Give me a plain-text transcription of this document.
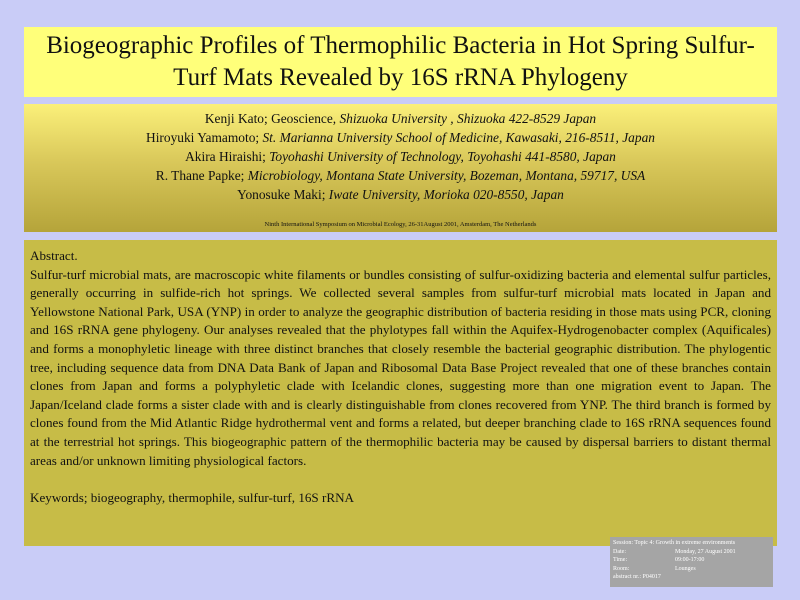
Biogeographic Profiles of Thermophilic Bacteria in Hot Spring Sulfur-
Turf Mats Revealed by 16S rRNA Phylogeny
Kenji Kato; Geoscience, Shizuoka University , Shizuoka 422-8529 Japan
Hiroyuki Yamamoto; St. Marianna University School of Medicine, Kawasaki, 216-8511, Japan
Akira Hiraishi; Toyohashi University of Technology, Toyohashi 441-8580, Japan
R. Thane Papke; Microbiology, Montana State University, Bozeman, Montana, 59717, USA
Yonosuke Maki; Iwate University, Morioka 020-8550, Japan
Ninth International Symposium on Microbial Ecology, 26-31August 2001, Amsterdam, The Netherlands
Abstract.
Sulfur-turf microbial mats, are macroscopic white filaments or bundles consisting of sulfur-oxidizing bacteria and elemental sulfur particles, generally occurring in sulfide-rich hot springs. We collected several samples from sulfur-turf microbial mats located in Japan and Yellowstone National Park, USA (YNP) in order to analyze the geographic distribution of bacteria residing in those mats using PCR, cloning and 16S rRNA gene phylogeny. Our analyses revealed that the phylotypes fall within the Aquifex-Hydrogenobacter complex (Aquificales) and forms a monophyletic lineage with three distinct branches that closely resemble the bacterial geographic distribution. The phylogentic tree, including sequence data from DNA Data Bank of Japan and Ribosomal Data Base Project revealed that one of these branches contain clones from Japan and forms a polyphyletic clade with Icelandic clones, suggesting more than one migration event to Japan. The Japan/Iceland clade forms a sister clade with and is clearly distinguishable from clones recovered from YNP. The third branch is formed by clones found from the Mid Atlantic Ridge hydrothermal vent and forms a related, but deeper branching clade to 16S rRNA sequences found at the terrestrial hot springs. This biogeographic pattern of the thermophilic bacteria may be caused by dispersal barriers to distant thermal areas and/or unknown limiting physiological factors.
Keywords; biogeography, thermophile, sulfur-turf, 16S rRNA
Session: Topic 4: Growth in extreme environments
Date:	Monday, 27 August 2001
Time:	09:00-17:00
Room:	Lounges
abstract nr.: P04017
